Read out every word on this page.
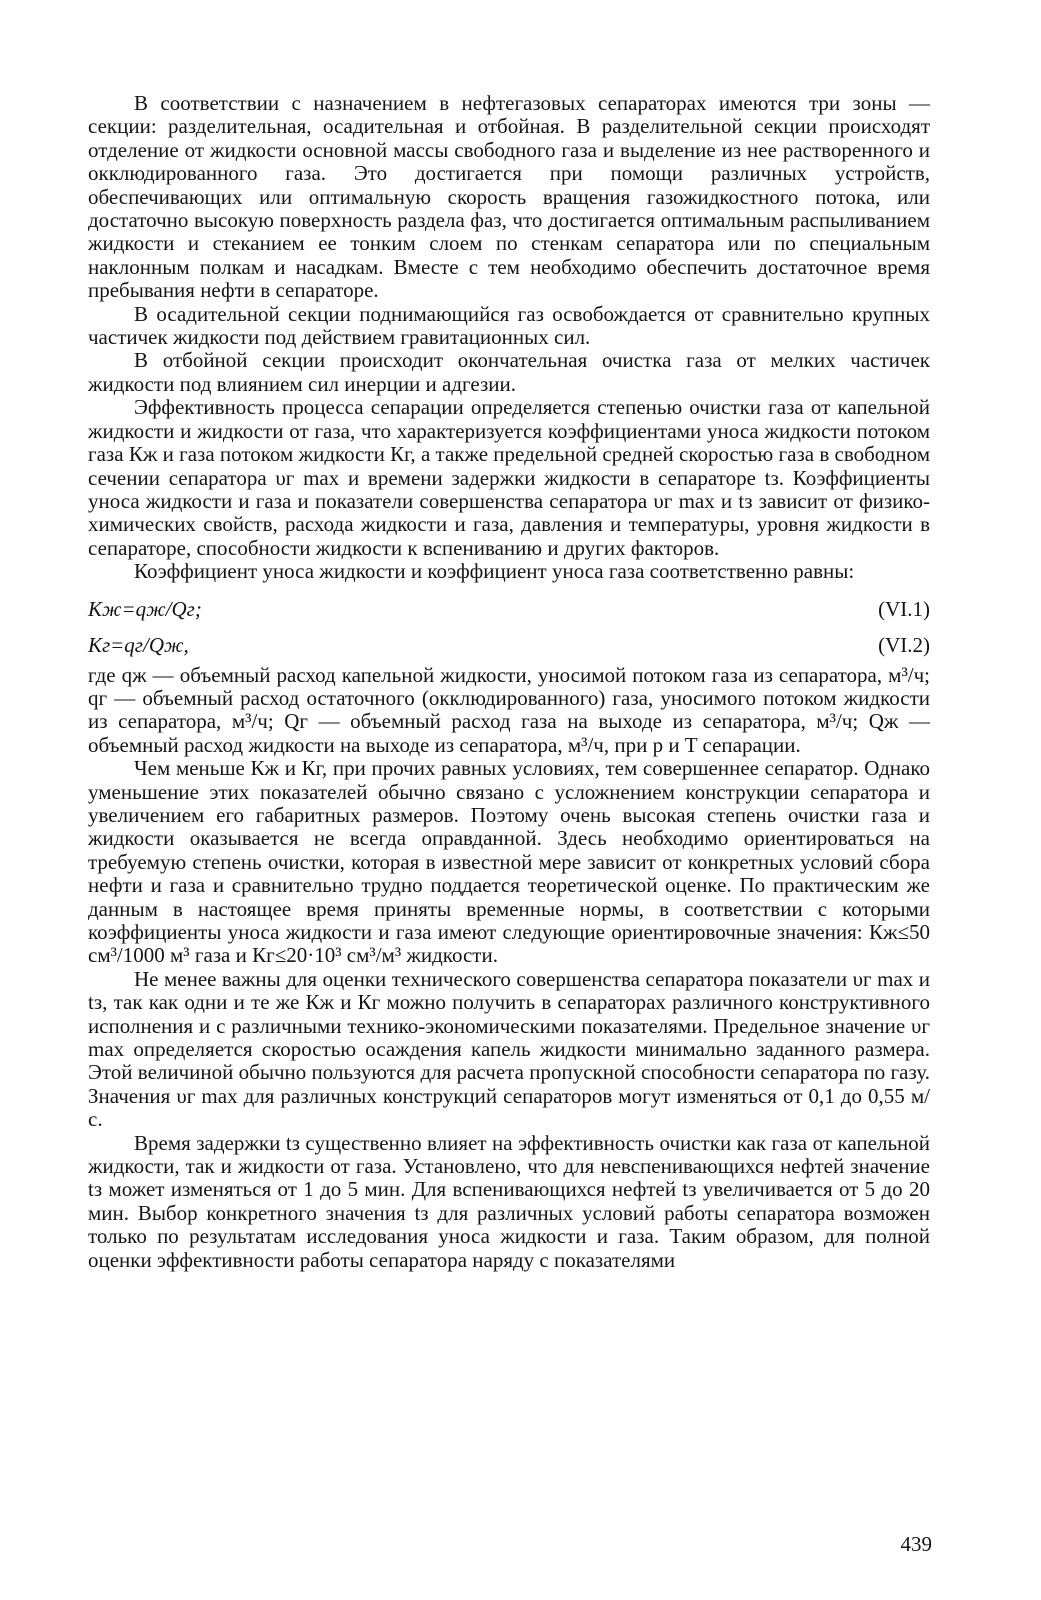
В соответствии с назначением в нефтегазовых сепараторах имеются три зоны — секции: разделительная, осадительная и отбойная. В разделительной секции происходят отделение от жидкости основной массы свободного газа и выделение из нее растворенного и окклюдированного газа. Это достигается при помощи различных устройств, обеспечивающих или оптимальную скорость вращения газожидкостного потока, или достаточно высокую поверхность раздела фаз, что достигается оптимальным распыливанием жидкости и стеканием ее тонким слоем по стенкам сепаратора или по специальным наклонным полкам и насадкам. Вместе с тем необходимо обеспечить достаточное время пребывания нефти в сепараторе.

В осадительной секции поднимающийся газ освобождается от сравнительно крупных частичек жидкости под действием гравитационных сил.

В отбойной секции происходит окончательная очистка газа от мелких частичек жидкости под влиянием сил инерции и адгезии.

Эффективность процесса сепарации определяется степенью очистки газа от капельной жидкости и жидкости от газа, что характеризуется коэффициентами уноса жидкости потоком газа Кж и газа потоком жидкости Кг, а также предельной средней скоростью газа в свободном сечении сепаратора υг max и времени задержки жидкости в сепараторе tз. Коэффициенты уноса жидкости и газа и показатели совершенства сепаратора υг max и tз зависит от физико-химических свойств, расхода жидкости и газа, давления и температуры, уровня жидкости в сепараторе, способности жидкости к вспениванию и других факторов.

Коэффициент уноса жидкости и коэффициент уноса газа соответственно равны:

Кж=qж/Qг;	(VI.1)
Кг=qг/Qж,	(VI.2)

где qж — объемный расход капельной жидкости, уносимой потоком газа из сепаратора, м³/ч; qг — объемный расход остаточного (окклюдированного) газа, уносимого потоком жидкости из сепаратора, м³/ч; Qг — объемный расход газа на выходе из сепаратора, м³/ч; Qж — объемный расход жидкости на выходе из сепаратора, м³/ч, при p и T сепарации.

Чем меньше Кж и Кг, при прочих равных условиях, тем совершеннее сепаратор. Однако уменьшение этих показателей обычно связано с усложнением конструкции сепаратора и увеличением его габаритных размеров. Поэтому очень высокая степень очистки газа и жидкости оказывается не всегда оправданной. Здесь необходимо ориентироваться на требуемую степень очистки, которая в известной мере зависит от конкретных условий сбора нефти и газа и сравнительно трудно поддается теоретической оценке. По практическим же данным в настоящее время приняты временные нормы, в соответствии с которыми коэффициенты уноса жидкости и газа имеют следующие ориентировочные значения: Кж≤50 см³/1000 м³ газа и Кг≤20·10³ см³/м³ жидкости.

Не менее важны для оценки технического совершенства сепаратора показатели υг max и tз, так как одни и те же Кж и Кг можно получить в сепараторах различного конструктивного исполнения и с различными технико-экономическими показателями. Предельное значение υг max определяется скоростью осаждения капель жидкости минимально заданного размера. Этой величиной обычно пользуются для расчета пропускной способности сепаратора по газу. Значения υг max для различных конструкций сепараторов могут изменяться от 0,1 до 0,55 м/с.

Время задержки tз существенно влияет на эффективность очистки как газа от капельной жидкости, так и жидкости от газа. Установлено, что для невспенивающихся нефтей значение tз может изменяться от 1 до 5 мин. Для вспенивающихся нефтей tз увеличивается от 5 до 20 мин. Выбор конкретного значения tз для различных условий работы сепаратора возможен только по результатам исследования уноса жидкости и газа. Таким образом, для полной оценки эффективности работы сепаратора наряду с показателями

439
